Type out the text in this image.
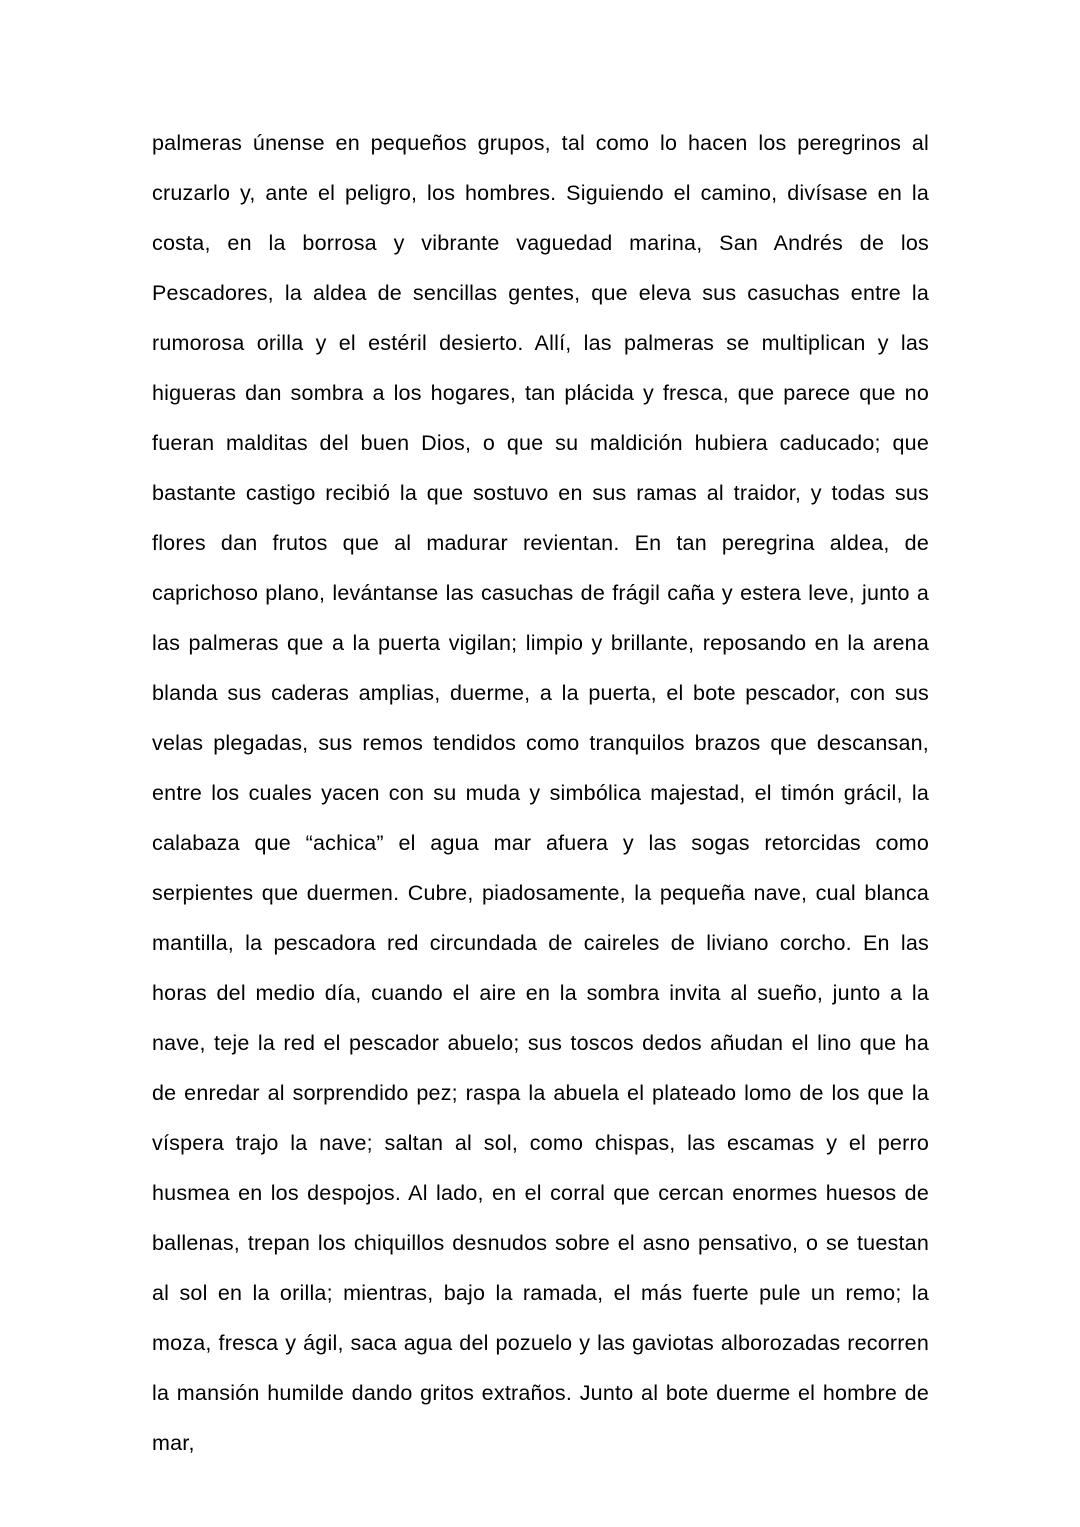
palmeras únense en pequeños grupos, tal como lo hacen los peregrinos al cruzarlo y, ante el peligro, los hombres. Siguiendo el camino, divísase en la costa, en la borrosa y vibrante vaguedad marina, San Andrés de los Pescadores, la aldea de sencillas gentes, que eleva sus casuchas entre la rumorosa orilla y el estéril desierto. Allí, las palmeras se multiplican y las higueras dan sombra a los hogares, tan plácida y fresca, que parece que no fueran malditas del buen Dios, o que su maldición hubiera caducado; que bastante castigo recibió la que sostuvo en sus ramas al traidor, y todas sus flores dan frutos que al madurar revientan. En tan peregrina aldea, de caprichoso plano, levántanse las casuchas de frágil caña y estera leve, junto a las palmeras que a la puerta vigilan; limpio y brillante, reposando en la arena blanda sus caderas amplias, duerme, a la puerta, el bote pescador, con sus velas plegadas, sus remos tendidos como tranquilos brazos que descansan, entre los cuales yacen con su muda y simbólica majestad, el timón grácil, la calabaza que “achica” el agua mar afuera y las sogas retorcidas como serpientes que duermen. Cubre, piadosamente, la pequeña nave, cual blanca mantilla, la pescadora red circundada de caireles de liviano corcho. En las horas del medio día, cuando el aire en la sombra invita al sueño, junto a la nave, teje la red el pescador abuelo; sus toscos dedos añudan el lino que ha de enredar al sorprendido pez; raspa la abuela el plateado lomo de los que la víspera trajo la nave; saltan al sol, como chispas, las escamas y el perro husmea en los despojos. Al lado, en el corral que cercan enormes huesos de ballenas, trepan los chiquillos desnudos sobre el asno pensativo, o se tuestan al sol en la orilla; mientras, bajo la ramada, el más fuerte pule un remo; la moza, fresca y ágil, saca agua del pozuelo y las gaviotas alborozadas recorren la mansión humilde dando gritos extraños. Junto al bote duerme el hombre de mar,
